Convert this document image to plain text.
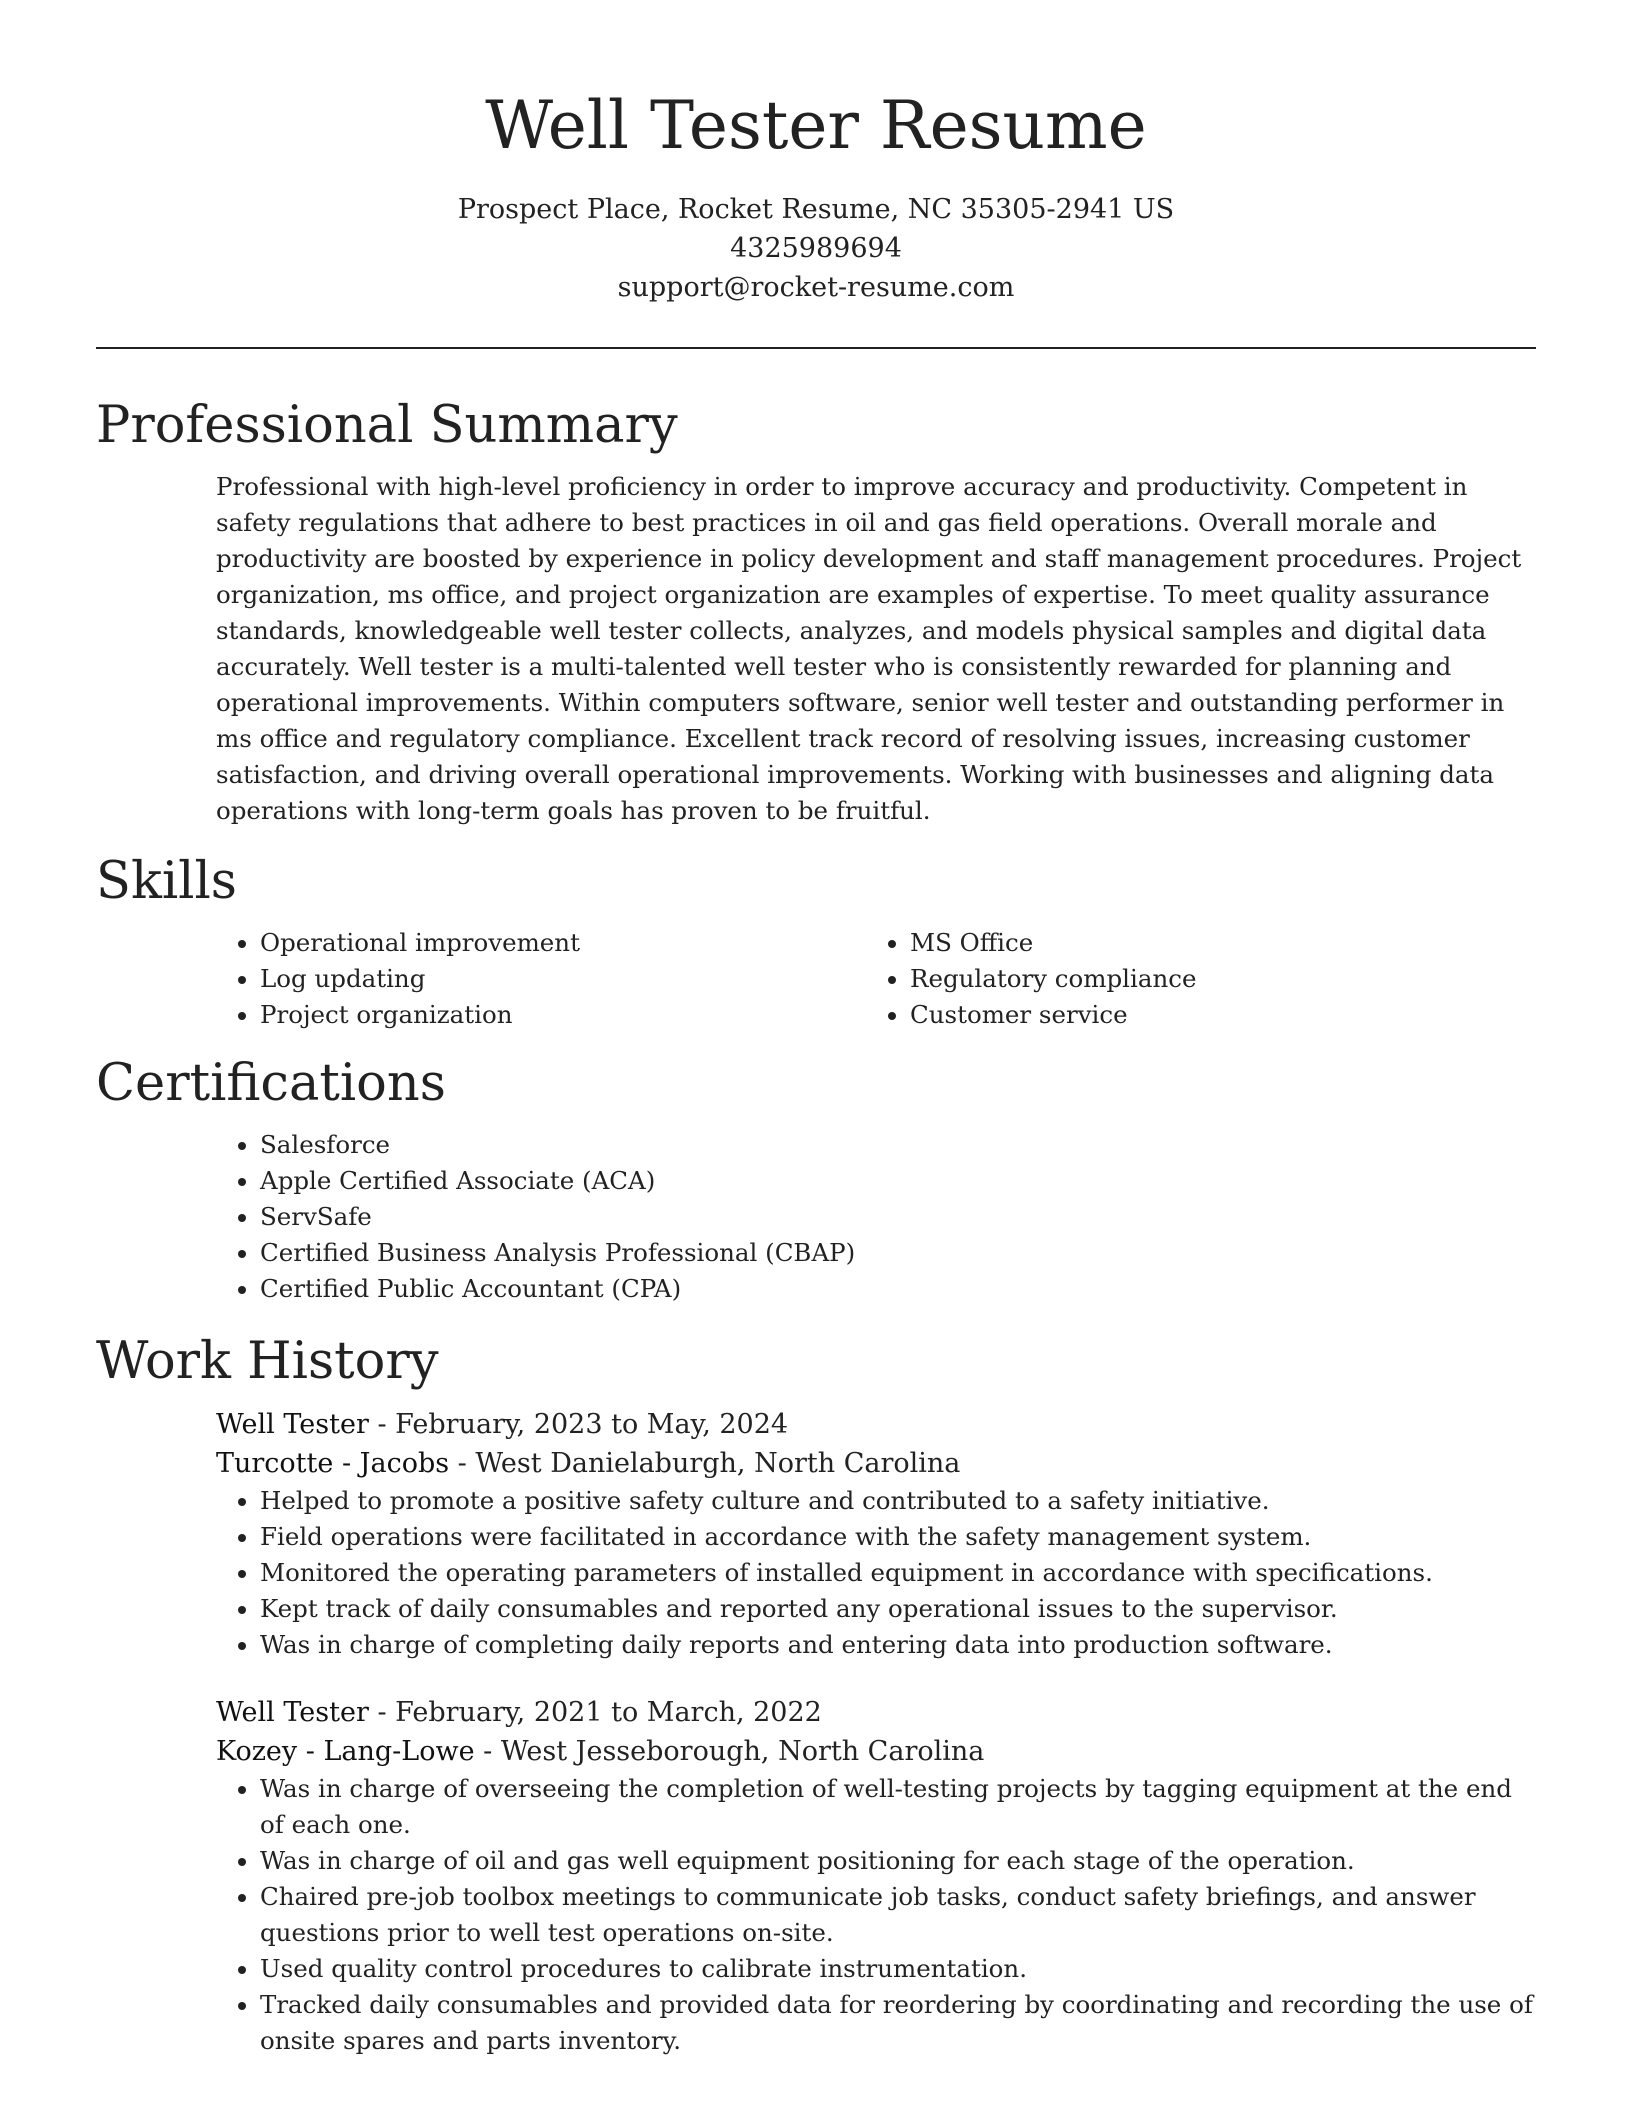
Well Tester Resume
Prospect Place, Rocket Resume, NC 35305-2941 US
4325989694
support@rocket-resume.com
Professional Summary

Professional with high-level proficiency in order to improve accuracy and productivity. Competent in safety regulations that adhere to best practices in oil and gas field operations. Overall morale and productivity are boosted by experience in policy development and staff management procedures. Project organization, ms office, and project organization are examples of expertise. To meet quality assurance standards, knowledgeable well tester collects, analyzes, and models physical samples and digital data accurately. Well tester is a multi-talented well tester who is consistently rewarded for planning and operational improvements. Within computers software, senior well tester and outstanding performer in ms office and regulatory compliance. Excellent track record of resolving issues, increasing customer satisfaction, and driving overall operational improvements. Working with businesses and aligning data operations with long-term goals has proven to be fruitful.

Skills
• Operational improvement
• Log updating
• Project organization
• MS Office
• Regulatory compliance
• Customer service
Certifications
• Salesforce
• Apple Certified Associate (ACA)
• ServSafe
• Certified Business Analysis Professional (CBAP)
• Certified Public Accountant (CPA)
Work History
Well Tester - February, 2023 to May, 2024
Turcotte - Jacobs - West Danielaburgh, North Carolina
• Helped to promote a positive safety culture and contributed to a safety initiative.
• Field operations were facilitated in accordance with the safety management system.
• Monitored the operating parameters of installed equipment in accordance with specifications.
• Kept track of daily consumables and reported any operational issues to the supervisor.
• Was in charge of completing daily reports and entering data into production software.
Well Tester - February, 2021 to March, 2022
Kozey - Lang-Lowe - West Jesseborough, North Carolina
• Was in charge of overseeing the completion of well-testing projects by tagging equipment at the end of each one.
• Was in charge of oil and gas well equipment positioning for each stage of the operation.
• Chaired pre-job toolbox meetings to communicate job tasks, conduct safety briefings, and answer questions prior to well test operations on-site.
• Used quality control procedures to calibrate instrumentation.
• Tracked daily consumables and provided data for reordering by coordinating and recording the use of onsite spares and parts inventory.
